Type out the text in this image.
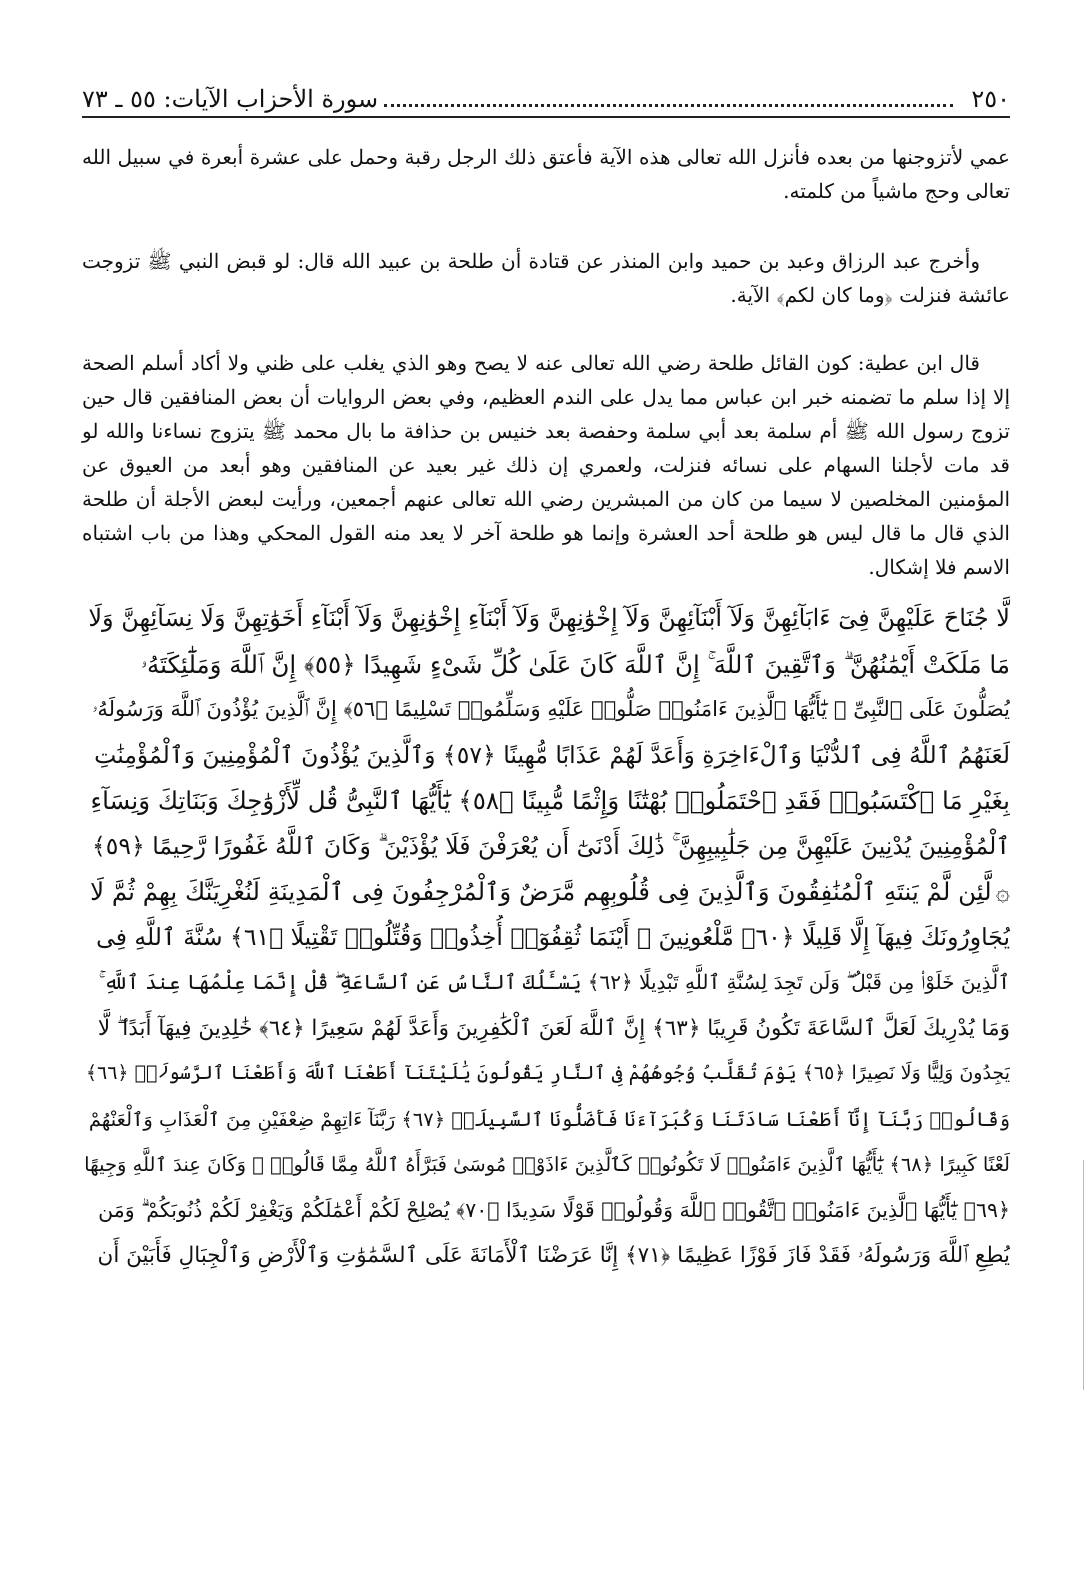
٢٥٠
سورة الأحزاب الآيات: ٥٥ ـ ٧٣

عمي لأتزوجنها من بعده فأنزل الله تعالى هذه الآية فأعتق ذلك الرجل رقبة وحمل على عشرة أبعرة في سبيل الله تعالى وحج ماشياً من كلمته.

وأخرج عبد الرزاق وعبد بن حميد وابن المنذر عن قتادة أن طلحة بن عبيد الله قال: لو قبض النبي ﷺ تزوجت عائشة فنزلت ﴿وما كان لكم﴾ الآية.

قال ابن عطية: كون القائل طلحة رضي الله تعالى عنه لا يصح وهو الذي يغلب على ظني ولا أكاد أسلم الصحة إلا إذا سلم ما تضمنه خبر ابن عباس مما يدل على الندم العظيم، وفي بعض الروايات أن بعض المنافقين قال حين تزوج رسول الله ﷺ أم سلمة بعد أبي سلمة وحفصة بعد خنيس بن حذافة ما بال محمد ﷺ يتزوج نساءنا والله لو قد مات لأجلنا السهام على نسائه فنزلت، ولعمري إن ذلك غير بعيد عن المنافقين وهو أبعد من العيوق عن المؤمنين المخلصين لا سيما من كان من المبشرين رضي الله تعالى عنهم أجمعين، ورأيت لبعض الأجلة أن طلحة الذي قال ما قال ليس هو طلحة أحد العشرة وإنما هو طلحة آخر لا يعد منه القول المحكي وهذا من باب اشتباه الاسم فلا إشكال.

لَّا جُنَاحَ عَلَيْهِنَّ فِىٓ ءَابَآئِهِنَّ وَلَآ أَبْنَآئِهِنَّ وَلَآ إِخْوَٰنِهِنَّ وَلَآ أَبْنَآءِ إِخْوَٰنِهِنَّ وَلَآ أَبْنَآءِ أَخَوَٰتِهِنَّ وَلَا نِسَآئِهِنَّ وَلَا
مَا مَلَكَتْ أَيْمَٰنُهُنَّ ۗ وَٱتَّقِينَ ٱللَّهَ ۚ إِنَّ ٱللَّهَ كَانَ عَلَىٰ كُلِّ شَىْءٍ شَهِيدًا ﴿٥٥﴾ إِنَّ ٱللَّهَ وَمَلَٰٓئِكَتَهُۥ
يُصَلُّونَ عَلَى ٱلنَّبِىِّ ۚ يَٰٓأَيُّهَا ٱلَّذِينَ ءَامَنُوا۟ صَلُّوا۟ عَلَيْهِ وَسَلِّمُوا۟ تَسْلِيمًا ﴿٥٦﴾ إِنَّ ٱلَّذِينَ يُؤْذُونَ ٱللَّهَ وَرَسُولَهُۥ
لَعَنَهُمُ ٱللَّهُ فِى ٱلدُّنْيَا وَٱلْءَاخِرَةِ وَأَعَدَّ لَهُمْ عَذَابًا مُّهِينًا ﴿٥٧﴾ وَٱلَّذِينَ يُؤْذُونَ ٱلْمُؤْمِنِينَ وَٱلْمُؤْمِنَٰتِ
بِغَيْرِ مَا ٱكْتَسَبُوا۟ فَقَدِ ٱحْتَمَلُوا۟ بُهْتَٰنًا وَإِثْمًا مُّبِينًا ﴿٥٨﴾ يَٰٓأَيُّهَا ٱلنَّبِىُّ قُل لِّأَزْوَٰجِكَ وَبَنَاتِكَ وَنِسَآءِ
ٱلْمُؤْمِنِينَ يُدْنِينَ عَلَيْهِنَّ مِن جَلَٰبِيبِهِنَّ ۚ ذَٰلِكَ أَدْنَىٰٓ أَن يُعْرَفْنَ فَلَا يُؤْذَيْنَ ۗ وَكَانَ ٱللَّهُ غَفُورًا رَّحِيمًا ﴿٥٩﴾
۞لَّئِن لَّمْ يَنتَهِ ٱلْمُنَٰفِقُونَ وَٱلَّذِينَ فِى قُلُوبِهِم مَّرَضٌ وَٱلْمُرْجِفُونَ فِى ٱلْمَدِينَةِ لَنُغْرِيَنَّكَ بِهِمْ ثُمَّ لَا
يُجَاوِرُونَكَ فِيهَآ إِلَّا قَلِيلًا ﴿٦٠﴾ مَّلْعُونِينَ ۖ أَيْنَمَا ثُقِفُوٓا۟ أُخِذُوا۟ وَقُتِّلُوا۟ تَقْتِيلًا ﴿٦١﴾ سُنَّةَ ٱللَّهِ فِى
ٱلَّذِينَ خَلَوْا۟ مِن قَبْلُ ۖ وَلَن تَجِدَ لِسُنَّةِ ٱللَّهِ تَبْدِيلًا ﴿٦٢﴾ يَسْـَٔلُكَ ٱلنَّاسُ عَنِ ٱلسَّاعَةِ ۖ قُلْ إِنَّمَا عِلْمُهَا عِندَ ٱللَّهِ ۚ
وَمَا يُدْرِيكَ لَعَلَّ ٱلسَّاعَةَ تَكُونُ قَرِيبًا ﴿٦٣﴾ إِنَّ ٱللَّهَ لَعَنَ ٱلْكَٰفِرِينَ وَأَعَدَّ لَهُمْ سَعِيرًا ﴿٦٤﴾ خَٰلِدِينَ فِيهَآ أَبَدًا ۖ لَّا
يَجِدُونَ وَلِيًّا وَلَا نَصِيرًا ﴿٦٥﴾ يَوْمَ تُقَلَّبُ وُجُوهُهُمْ فِى ٱلنَّارِ يَقُولُونَ يَٰلَيْتَنَآ أَطَعْنَا ٱللَّهَ وَأَطَعْنَا ٱلرَّسُولَا۠ ﴿٦٦﴾
وَقَالُوا۟ رَبَّنَآ إِنَّآ أَطَعْنَا سَادَتَنَا وَكُبَرَآءَنَا فَأَضَلُّونَا ٱلسَّبِيلَا۠ ﴿٦٧﴾ رَبَّنَآ ءَاتِهِمْ ضِعْفَيْنِ مِنَ ٱلْعَذَابِ وَٱلْعَنْهُمْ
لَعْنًا كَبِيرًا ﴿٦٨﴾ يَٰٓأَيُّهَا ٱلَّذِينَ ءَامَنُوا۟ لَا تَكُونُوا۟ كَٱلَّذِينَ ءَاذَوْا۟ مُوسَىٰ فَبَرَّأَهُ ٱللَّهُ مِمَّا قَالُوا۟ ۚ وَكَانَ عِندَ ٱللَّهِ وَجِيهًا
﴿٦٩﴾ يَٰٓأَيُّهَا ٱلَّذِينَ ءَامَنُوا۟ ٱتَّقُوا۟ ٱللَّهَ وَقُولُوا۟ قَوْلًا سَدِيدًا ﴿٧٠﴾ يُصْلِحْ لَكُمْ أَعْمَٰلَكُمْ وَيَغْفِرْ لَكُمْ ذُنُوبَكُمْ ۗ وَمَن
يُطِعِ ٱللَّهَ وَرَسُولَهُۥ فَقَدْ فَازَ فَوْزًا عَظِيمًا ﴿٧١﴾ إِنَّا عَرَضْنَا ٱلْأَمَانَةَ عَلَى ٱلسَّمَٰوَٰتِ وَٱلْأَرْضِ وَٱلْجِبَالِ فَأَبَيْنَ أَن
